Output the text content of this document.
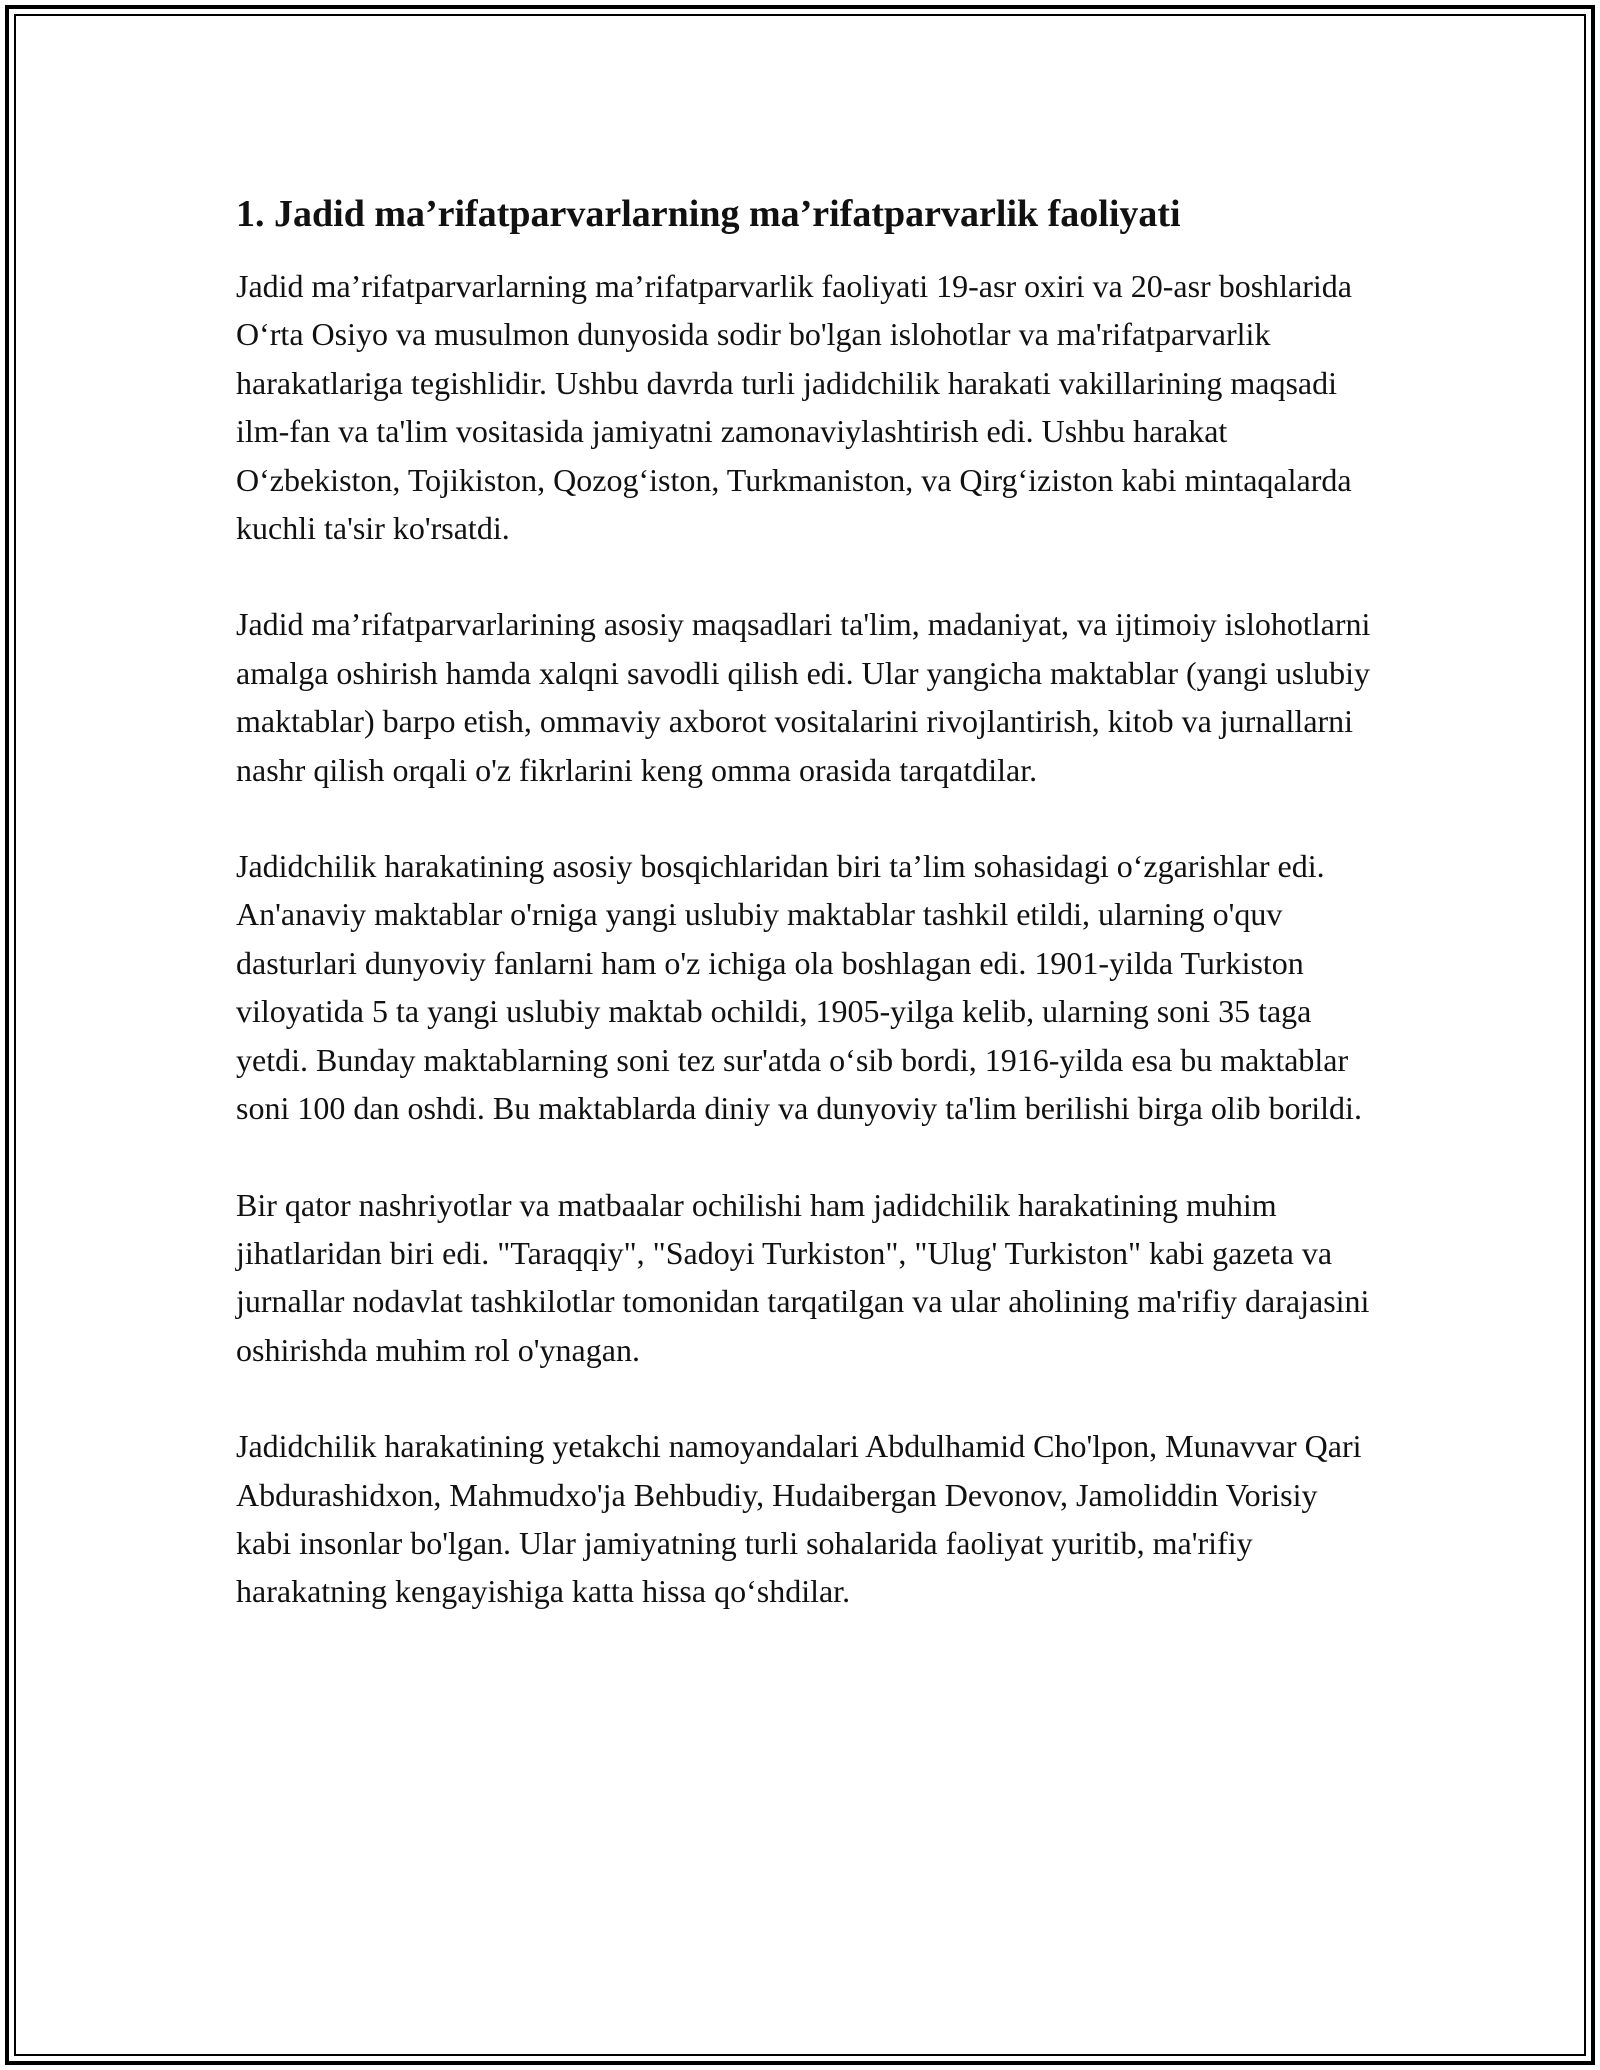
1. Jadid ma’rifatparvarlarning ma’rifatparvarlik faoliyati

Jadid ma’rifatparvarlarning ma’rifatparvarlik faoliyati 19-asr oxiri va 20-asr boshlarida O‘rta Osiyo va musulmon dunyosida sodir bo'lgan islohotlar va ma'rifatparvarlik harakatlariga tegishlidir. Ushbu davrda turli jadidchilik harakati vakillarining maqsadi ilm-fan va ta'lim vositasida jamiyatni zamonaviylashtirish edi. Ushbu harakat O‘zbekiston, Tojikiston, Qozog‘iston, Turkmaniston, va Qirg‘iziston kabi mintaqalarda kuchli ta'sir ko'rsatdi.

Jadid ma’rifatparvarlarining asosiy maqsadlari ta'lim, madaniyat, va ijtimoiy islohotlarni amalga oshirish hamda xalqni savodli qilish edi. Ular yangicha maktablar (yangi uslubiy maktablar) barpo etish, ommaviy axborot vositalarini rivojlantirish, kitob va jurnallarni nashr qilish orqali o'z fikrlarini keng omma orasida tarqatdilar.

Jadidchilik harakatining asosiy bosqichlaridan biri ta’lim sohasidagi o‘zgarishlar edi. An'anaviy maktablar o'rniga yangi uslubiy maktablar tashkil etildi, ularning o'quv dasturlari dunyoviy fanlarni ham o'z ichiga ola boshlagan edi. 1901-yilda Turkiston viloyatida 5 ta yangi uslubiy maktab ochildi, 1905-yilga kelib, ularning soni 35 taga yetdi. Bunday maktablarning soni tez sur'atda o‘sib bordi, 1916-yilda esa bu maktablar soni 100 dan oshdi. Bu maktablarda diniy va dunyoviy ta'lim berilishi birga olib borildi.

Bir qator nashriyotlar va matbaalar ochilishi ham jadidchilik harakatining muhim jihatlaridan biri edi. "Taraqqiy", "Sadoyi Turkiston", "Ulug' Turkiston" kabi gazeta va jurnallar nodavlat tashkilotlar tomonidan tarqatilgan va ular aholining ma'rifiy darajasini oshirishda muhim rol o'ynagan.

Jadidchilik harakatining yetakchi namoyandalari Abdulhamid Cho'lpon, Munavvar Qari Abdurashidxon, Mahmudxo'ja Behbudiy, Hudaibergan Devonov, Jamoliddin Vorisiy kabi insonlar bo'lgan. Ular jamiyatning turli sohalarida faoliyat yuritib, ma'rifiy harakatning kengayishiga katta hissa qo‘shdilar.
